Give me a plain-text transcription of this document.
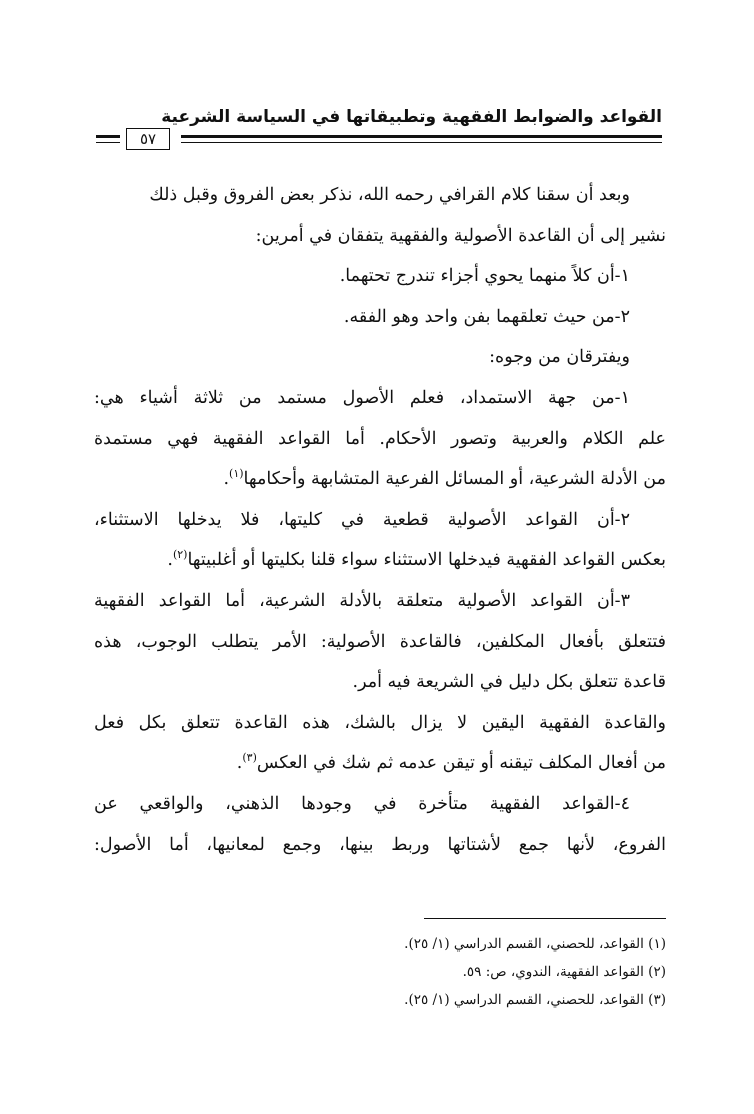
القواعد والضوابط الفقهية وتطبيقاتها في السياسة الشرعية
٥٧
وبعد أن سقنا كلام القرافي رحمه الله، نذكر بعض الفروق وقبل ذلك
نشير إلى أن القاعدة الأصولية والفقهية يتفقان في أمرين:
١-أن كلاً منهما يحوي أجزاء تندرج تحتهما.
٢-من حيث تعلقهما بفن واحد وهو الفقه.
ويفترقان من وجوه:
١-من جهة الاستمداد، فعلم الأصول مستمد من ثلاثة أشياء هي:
علم الكلام والعربية وتصور الأحكام. أما القواعد الفقهية فهي مستمدة
من الأدلة الشرعية، أو المسائل الفرعية المتشابهة وأحكامها$^{(١)}$.
٢-أن القواعد الأصولية قطعية في كليتها، فلا يدخلها الاستثناء،
بعكس القواعد الفقهية فيدخلها الاستثناء سواء قلنا بكليتها أو أغلبيتها$^{(٢)}$.
٣-أن القواعد الأصولية متعلقة بالأدلة الشرعية، أما القواعد الفقهية
فتتعلق بأفعال المكلفين، فالقاعدة الأصولية: الأمر يتطلب الوجوب، هذه
قاعدة تتعلق بكل دليل في الشريعة فيه أمر.
والقاعدة الفقهية اليقين لا يزال بالشك، هذه القاعدة تتعلق بكل فعل
من أفعال المكلف تيقنه أو تيقن عدمه ثم شك في العكس$^{(٣)}$.
٤-القواعد الفقهية متأخرة في وجودها الذهني، والواقعي عن
الفروع، لأنها جمع لأشتاتها وربط بينها، وجمع لمعانيها، أما الأصول:
(١) القواعد، للحصني، القسم الدراسي (١/ ٢٥).
(٢) القواعد الفقهية، الندوي، ص: ٥٩.
(٣) القواعد، للحصني، القسم الدراسي (١/ ٢٥).
